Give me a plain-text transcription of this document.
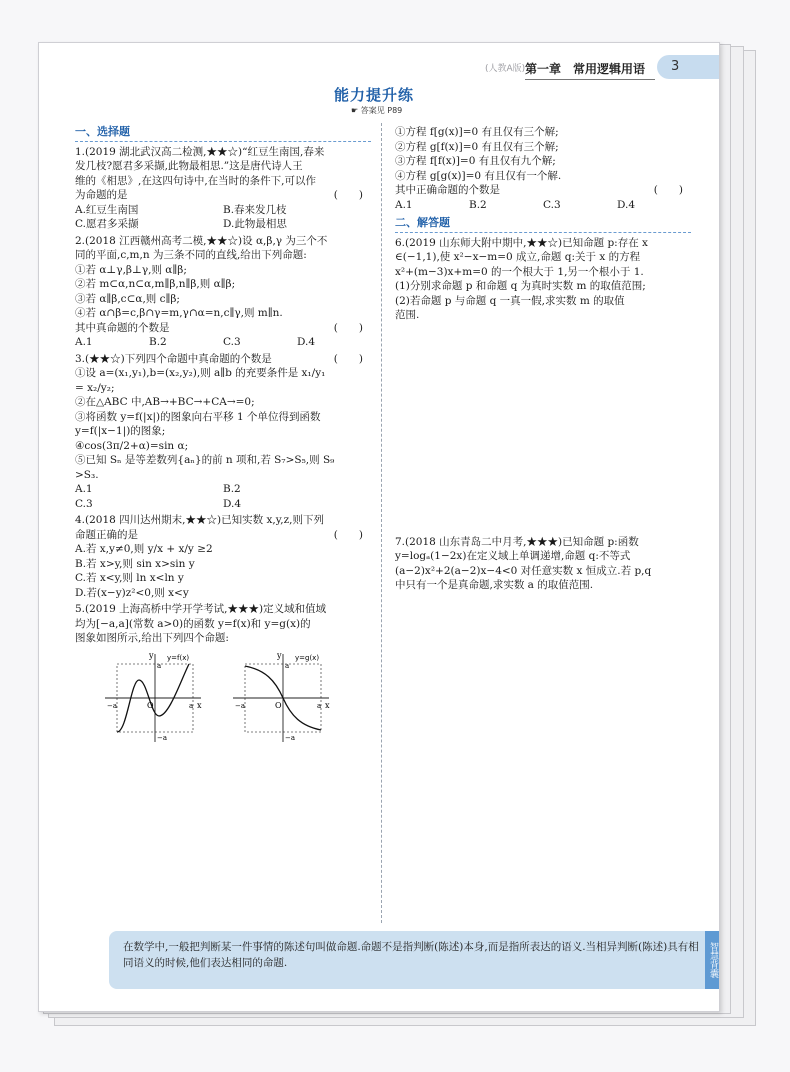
(人教A版) 第一章　常用逻辑用语	3
能力提升练
☛ 答案见 P89
一、选择题
1.(2019 湖北武汉高二检测,★★☆)“红豆生南国,春来
发几枝?愿君多采撷,此物最相思.”这是唐代诗人王
维的《相思》,在这四句诗中,在当时的条件下,可以作
为命题的是	(　　)
A.红豆生南国	B.春来发几枝
C.愿君多采撷	D.此物最相思
2.(2018 江西赣州高考二模,★★☆)设 α,β,γ 为三个不
同的平面,c,m,n 为三条不同的直线,给出下列命题:
①若 α⊥γ,β⊥γ,则 α∥β;
②若 m⊂α,n⊂α,m∥β,n∥β,则 α∥β;
③若 α∥β,c⊂α,则 c∥β;
④若 α∩β=c,β∩γ=m,γ∩α=n,c∥γ,则 m∥n.
其中真命题的个数是	(　　)
A.1	B.2	C.3	D.4
3.(★★☆)下列四个命题中真命题的个数是	(　　)
①设 a=(x₁,y₁),b=(x₂,y₂),则 a∥b 的充要条件是 x₁/y₁
= x₂/y₂;
②在△ABC 中,AB→+BC→+CA→=0;
③将函数 y=f(|x|)的图象向右平移 1 个单位得到函数
y=f(|x−1|)的图象;
④cos(3π/2+α)=sin α;
⑤已知 Sₙ 是等差数列{aₙ}的前 n 项和,若 S₇>S₅,则 S₉
>S₃.
A.1	B.2
C.3	D.4
4.(2018 四川达州期末,★★☆)已知实数 x,y,z,则下列
命题正确的是	(　　)
A.若 x,y≠0,则 y/x + x/y ≥2
B.若 x>y,则 sin x>sin y
C.若 x<y,则 ln x<ln y
D.若(x−y)z²<0,则 x<y
5.(2019 上海高桥中学开学考试,★★★)定义域和值域
均为[−a,a](常数 a>0)的函数 y=f(x)和 y=g(x)的
图象如图所示,给出下列四个命题:
y=f(x)
y
x
O
a
−a
−a	a
y=g(x)
y
x
O
a
−a
−a	a
①方程 f[g(x)]=0 有且仅有三个解;
②方程 g[f(x)]=0 有且仅有三个解;
③方程 f[f(x)]=0 有且仅有九个解;
④方程 g[g(x)]=0 有且仅有一个解.
其中正确命题的个数是	(　　)
A.1	B.2	C.3	D.4
二、解答题
6.(2019 山东师大附中期中,★★☆)已知命题 p:存在 x
∈(−1,1),使 x²−x−m=0 成立,命题 q:关于 x 的方程
x²+(m−3)x+m=0 的一个根大于 1,另一个根小于 1.
(1)分别求命题 p 和命题 q 为真时实数 m 的取值范围;
(2)若命题 p 与命题 q 一真一假,求实数 m 的取值
范围.
7.(2018 山东青岛二中月考,★★★)已知命题 p:函数
y=logₐ(1−2x)在定义域上单调递增,命题 q:不等式
(a−2)x²+2(a−2)x−4<0 对任意实数 x 恒成立.若 p,q
中只有一个是真命题,求实数 a 的取值范围.
在数学中,一般把判断某一件事情的陈述句叫做命题.命题不是指判断(陈述)本身,而是指所表达的语义.当相异判断(陈述)具有相同语义的时候,他们表达相同的命题.	智慧背囊
